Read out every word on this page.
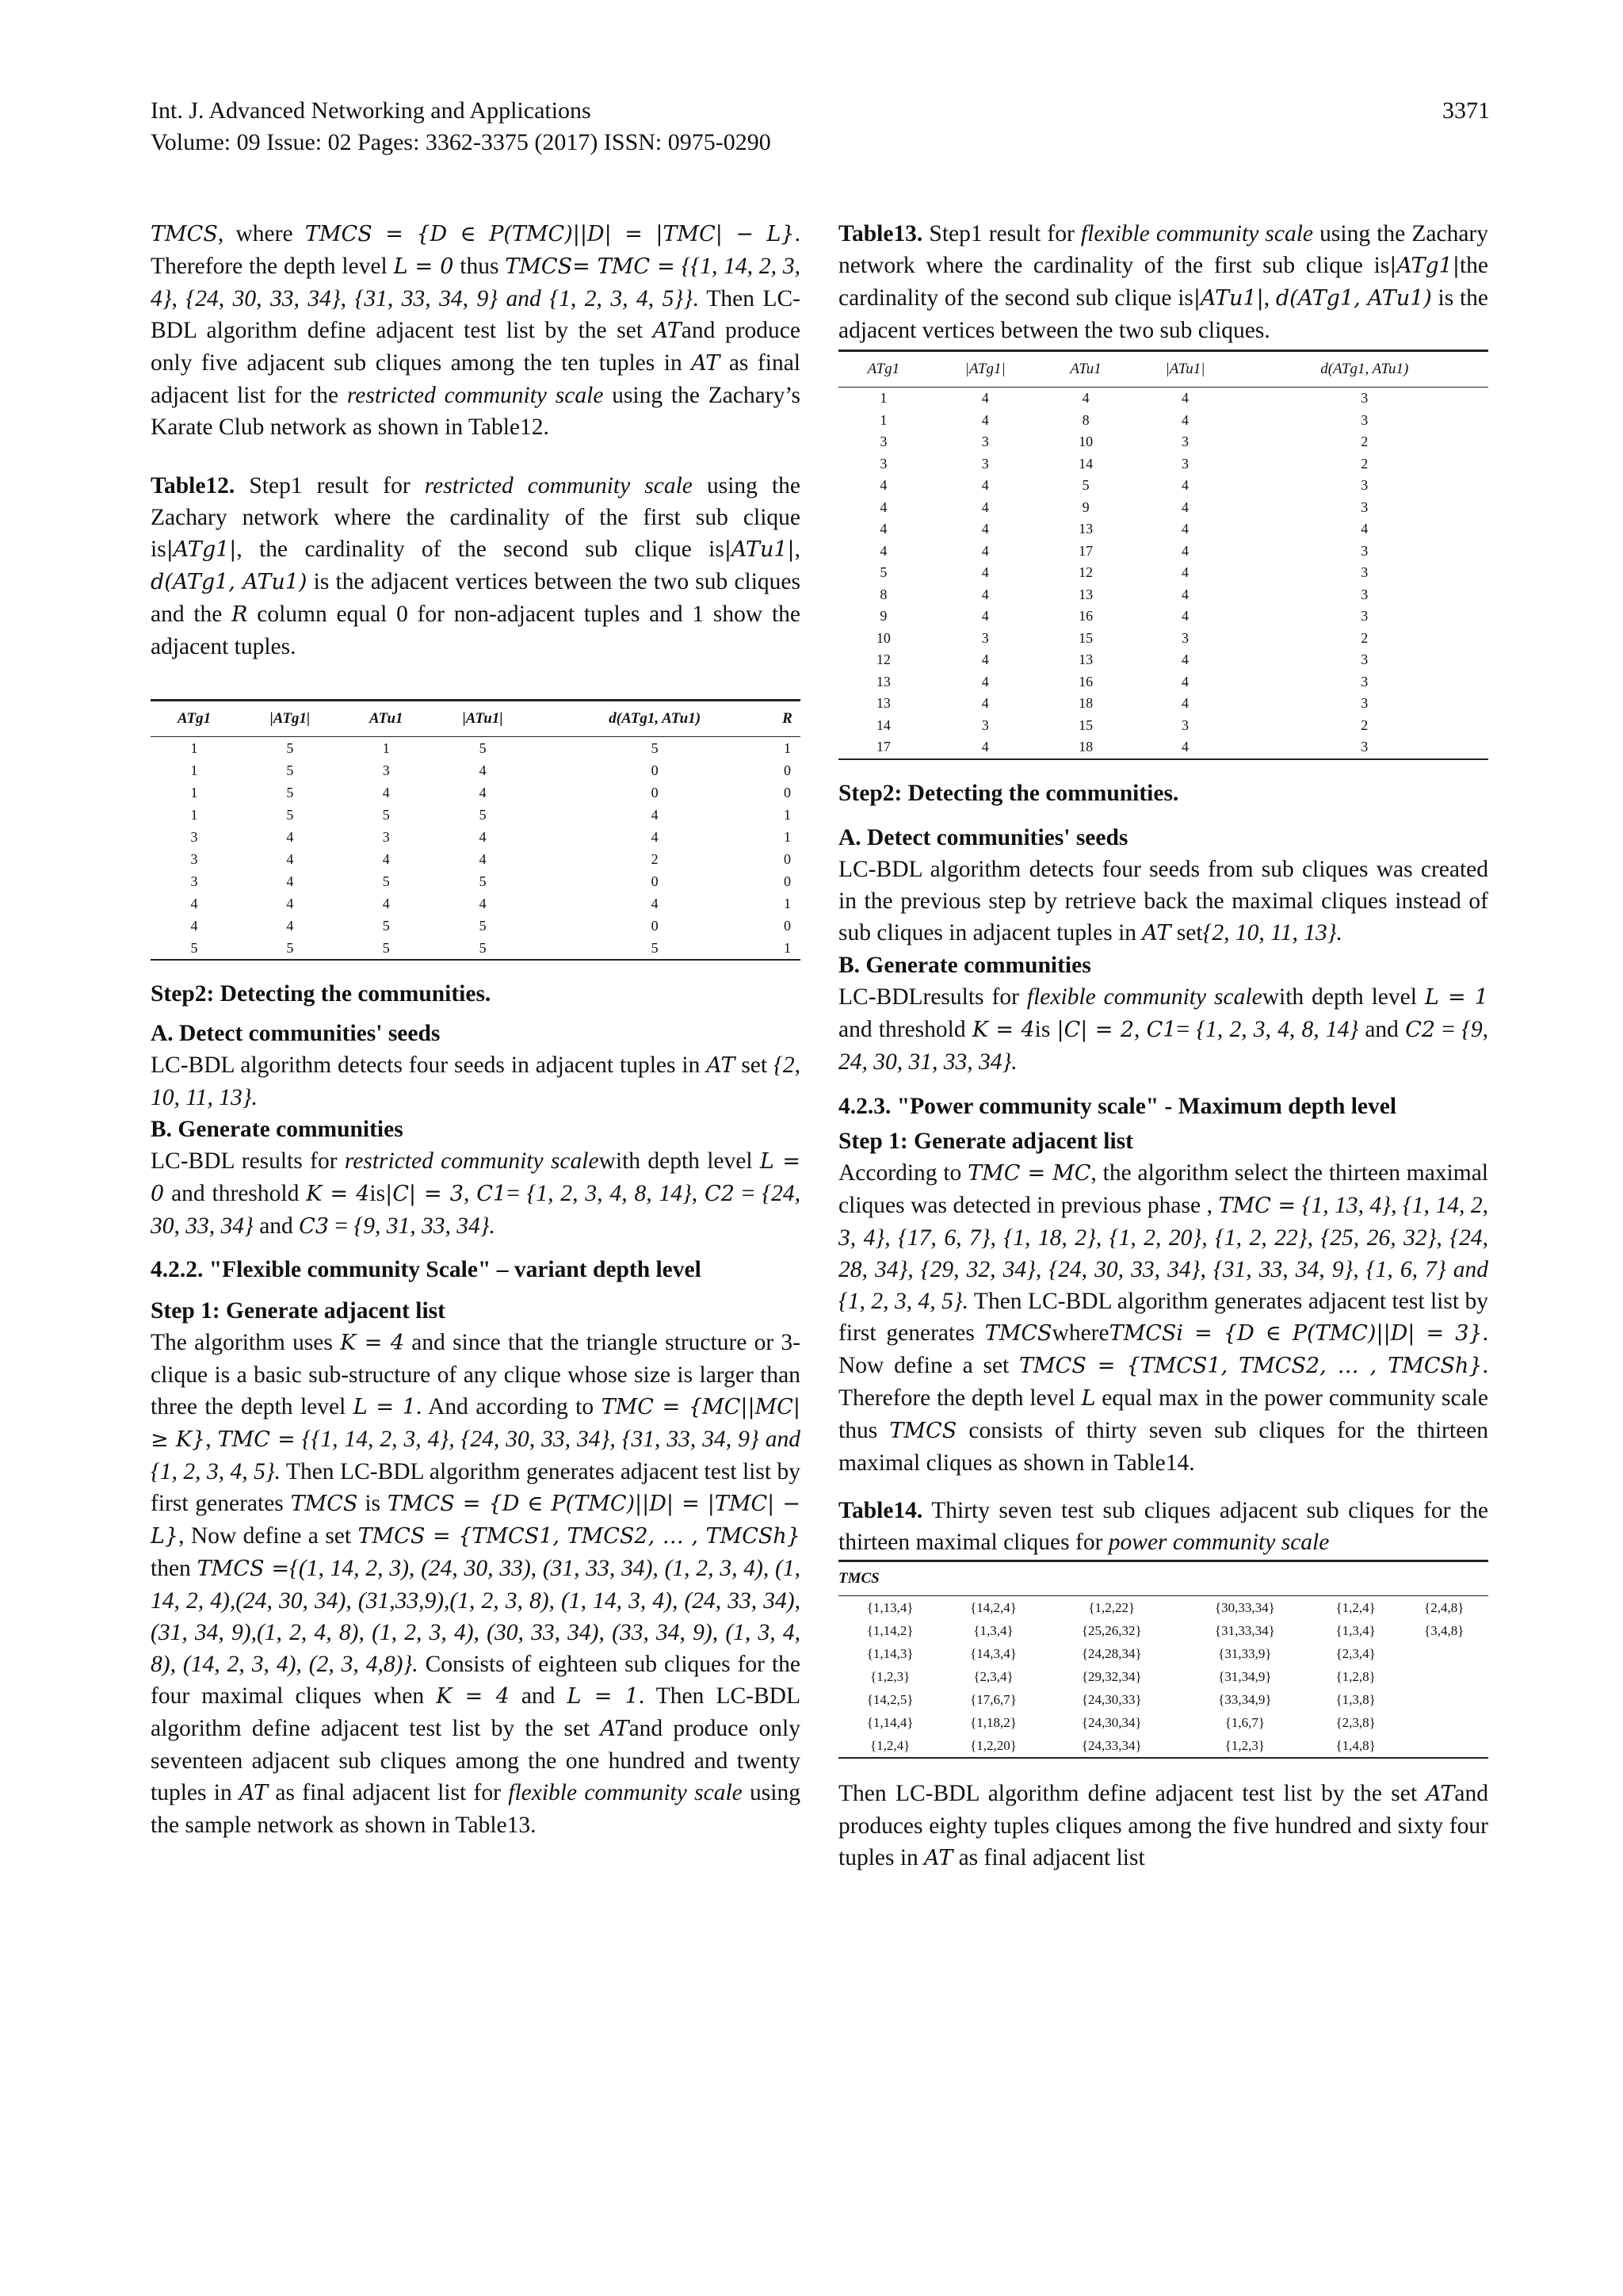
Int. J. Advanced Networking and Applications
Volume: 09 Issue: 02 Pages: 3362-3375 (2017) ISSN: 0975-0290
3371

TMCS, where TMCS = {D ∈ P(TMC)||D| = |TMC| − L}. Therefore the depth level L = 0 thus TMCS= TMC = {{1, 14, 2, 3, 4}, {24, 30, 33, 34}, {31, 33, 34, 9} and {1, 2, 3, 4, 5}}. Then LC-BDL algorithm define adjacent test list by the set ATand produce only five adjacent sub cliques among the ten tuples in AT as final adjacent list for the restricted community scale using the Zachary’s Karate Club network as shown in Table12.

Table12. Step1 result for restricted community scale using the Zachary network where the cardinality of the first sub clique is|ATg1|, the cardinality of the second sub clique is|ATu1|, d(ATg1, ATu1) is the adjacent vertices between the two sub cliques and the R column equal 0 for non-adjacent tuples and 1 show the adjacent tuples.

ATg1	|ATg1|	ATu1	|ATu1|	d(ATg1, ATu1)	R
1	5	1	5	5	1
1	5	3	4	0	0
1	5	4	4	0	0
1	5	5	5	4	1
3	4	3	4	4	1
3	4	4	4	2	0
3	4	5	5	0	0
4	4	4	4	4	1
4	4	5	5	0	0
5	5	5	5	5	1
Step2: Detecting the communities.
A. Detect communities' seeds

LC-BDL algorithm detects four seeds in adjacent tuples in AT set {2, 10, 11, 13}.

B. Generate communities

LC-BDL results for restricted community scalewith depth level L = 0 and threshold K = 4is|C| = 3, C1= {1, 2, 3, 4, 8, 14}, C2 = {24, 30, 33, 34} and C3 = {9, 31, 33, 34}.

4.2.2. "Flexible community Scale" – variant depth level
Step 1: Generate adjacent list

The algorithm uses K = 4 and since that the triangle structure or 3-clique is a basic sub-structure of any clique whose size is larger than three the depth level L = 1. And according to TMC = {MC||MC| ≥ K}, TMC = {{1, 14, 2, 3, 4}, {24, 30, 33, 34}, {31, 33, 34, 9} and {1, 2, 3, 4, 5}. Then LC-BDL algorithm generates adjacent test list by first generates TMCS is TMCS = {D ∈ P(TMC)||D| = |TMC| − L}, Now define a set TMCS = {TMCS1, TMCS2, … , TMCSh} then TMCS ={(1, 14, 2, 3), (24, 30, 33), (31, 33, 34), (1, 2, 3, 4), (1, 14, 2, 4),(24, 30, 34), (31,33,9),(1, 2, 3, 8), (1, 14, 3, 4), (24, 33, 34), (31, 34, 9),(1, 2, 4, 8), (1, 2, 3, 4), (30, 33, 34), (33, 34, 9), (1, 3, 4, 8), (14, 2, 3, 4), (2, 3, 4,8)}. Consists of eighteen sub cliques for the four maximal cliques when K = 4 and L = 1. Then LC-BDL algorithm define adjacent test list by the set ATand produce only seventeen adjacent sub cliques among the one hundred and twenty tuples in AT as final adjacent list for flexible community scale using the sample network as shown in Table13.

Table13. Step1 result for flexible community scale using the Zachary network where the cardinality of the first sub clique is|ATg1|the cardinality of the second sub clique is|ATu1|, d(ATg1, ATu1) is the adjacent vertices between the two sub cliques.

ATg1	|ATg1|	ATu1	|ATu1|	d(ATg1, ATu1)
1	4	4	4	3
1	4	8	4	3
3	3	10	3	2
3	3	14	3	2
4	4	5	4	3
4	4	9	4	3
4	4	13	4	4
4	4	17	4	3
5	4	12	4	3
8	4	13	4	3
9	4	16	4	3
10	3	15	3	2
12	4	13	4	3
13	4	16	4	3
13	4	18	4	3
14	3	15	3	2
17	4	18	4	3
Step2: Detecting the communities.
A. Detect communities' seeds

LC-BDL algorithm detects four seeds from sub cliques was created in the previous step by retrieve back the maximal cliques instead of sub cliques in adjacent tuples in AT set{2, 10, 11, 13}.

B. Generate communities

LC-BDLresults for flexible community scalewith depth level L = 1 and threshold K = 4is |C| = 2, C1= {1, 2, 3, 4, 8, 14} and C2 = {9, 24, 30, 31, 33, 34}.

4.2.3. "Power community scale" - Maximum depth level
Step 1: Generate adjacent list

According to TMC = MC, the algorithm select the thirteen maximal cliques was detected in previous phase , TMC = {1, 13, 4}, {1, 14, 2, 3, 4}, {17, 6, 7}, {1, 18, 2}, {1, 2, 20}, {1, 2, 22}, {25, 26, 32}, {24, 28, 34}, {29, 32, 34}, {24, 30, 33, 34}, {31, 33, 34, 9}, {1, 6, 7} and {1, 2, 3, 4, 5}. Then LC-BDL algorithm generates adjacent test list by first generates TMCSwhereTMCSi = {D ∈ P(TMC)||D| = 3}. Now define a set TMCS = {TMCS1, TMCS2, … , TMCSh}. Therefore the depth level L equal max in the power community scale thus TMCS consists of thirty seven sub cliques for the thirteen maximal cliques as shown in Table14.

Table14. Thirty seven test sub cliques adjacent sub cliques for the thirteen maximal cliques for power community scale

TMCS					
{1,13,4}	{14,2,4}	{1,2,22}	{30,33,34}	{1,2,4}	{2,4,8}
{1,14,2}	{1,3,4}	{25,26,32}	{31,33,34}	{1,3,4}	{3,4,8}
{1,14,3}	{14,3,4}	{24,28,34}	{31,33,9}	{2,3,4}	
{1,2,3}	{2,3,4}	{29,32,34}	{31,34,9}	{1,2,8}	
{14,2,5}	{17,6,7}	{24,30,33}	{33,34,9}	{1,3,8}	
{1,14,4}	{1,18,2}	{24,30,34}	{1,6,7}	{2,3,8}	
{1,2,4}	{1,2,20}	{24,33,34}	{1,2,3}	{1,4,8}	

Then LC-BDL algorithm define adjacent test list by the set ATand produces eighty tuples cliques among the five hundred and sixty four tuples in AT as final adjacent list
